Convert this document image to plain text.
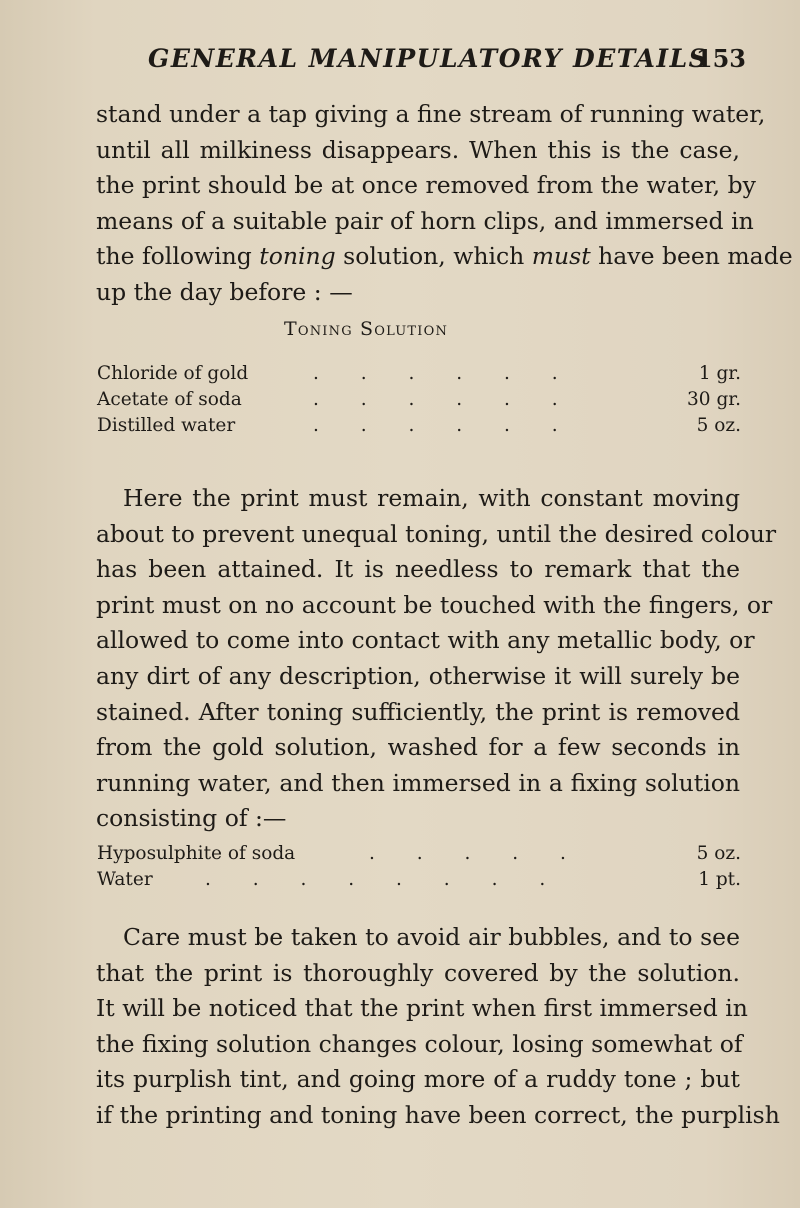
GENERAL MANIPULATORY DETAILS
153
stand under a tap giving a fine stream of running water,
until all milkiness disappears. When this is the case,
the print should be at once removed from the water, by
means of a suitable pair of horn clips, and immersed in
the following toning solution, which must have been made
up the day before : —
Toning Solution
Chloride of gold	. . . . . .	1 gr.
Acetate of soda	. . . . . .	30 gr.
Distilled water	. . . . . .	5 oz.
Here the print must remain, with constant moving
about to prevent unequal toning, until the desired colour
has been attained. It is needless to remark that the
print must on no account be touched with the fingers, or
allowed to come into contact with any metallic body, or
any dirt of any description, otherwise it will surely be
stained. After toning sufficiently, the print is removed
from the gold solution, washed for a few seconds in
running water, and then immersed in a fixing solution
consisting of :—
Hyposulphite of soda	. . . . .	5 oz.
Water	. . . . . . . .	1 pt.
Care must be taken to avoid air bubbles, and to see
that the print is thoroughly covered by the solution.
It will be noticed that the print when first immersed in
the fixing solution changes colour, losing somewhat of
its purplish tint, and going more of a ruddy tone ; but
if the printing and toning have been correct, the purplish
